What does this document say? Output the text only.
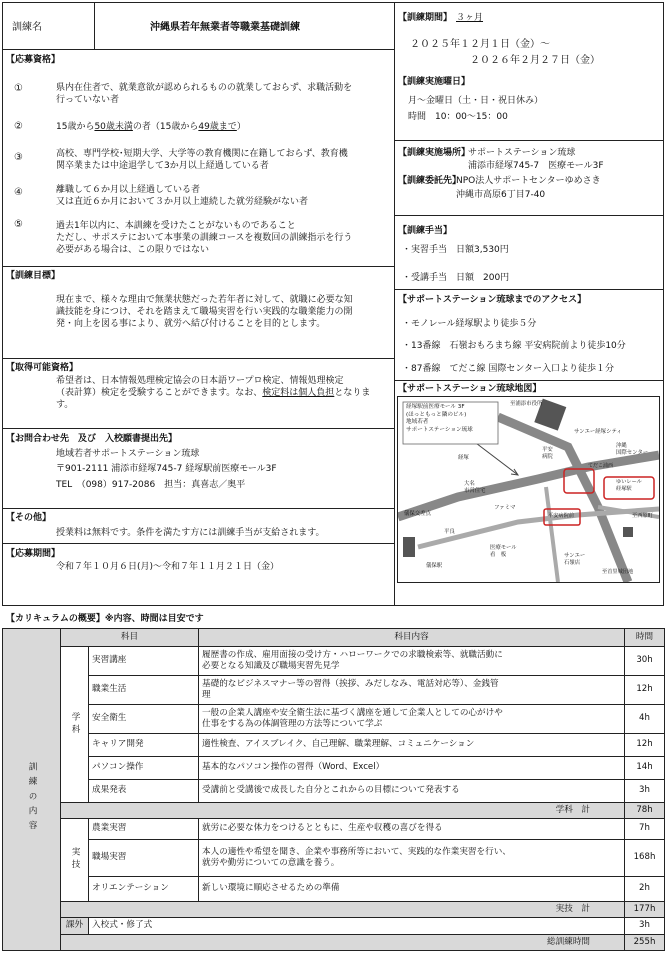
訓練名	沖縄県若年無業者等職業基礎訓練
【応募資格】
①	県内在住者で、就業意欲が認められるものの就業しておらず、求職活動を
行っていない者
②	15歳から50歳未満の者（15歳から49歳まで）
③	高校、専門学校･短期大学、大学等の教育機関に在籍しておらず、教育機
関卒業または中途退学して3か月以上経過している者
④	離職して６か月以上経過している者
又は直近６か月において３か月以上連続した就労経験がない者
⑤	過去1年以内に、本訓練を受けたことがないものであること
ただし、サポステにおいて本事業の訓練コースを複数回の訓練指示を行う
必要がある場合は、この限りではない
【訓練目標】
現在まで、様々な理由で無業状態だった若年者に対して、就職に必要な知
識技能を身につけ、それを踏まえて職場実習を行い実践的な職業能力の開
発・向上を図る事により、就労へ結び付けることを目的とします。
【取得可能資格】
希望者は、日本情報処理検定協会の日本語ワープロ検定、情報処理検定
（表計算）検定を受験することができます。なお、検定料は個人負担となりま
す。
【お問合わせ先　及び　入校願書提出先】
地域若者サポートステーション琉球
〒901-2111 浦添市経塚745-7 経塚駅前医療モール3F
TEL　（098）917-2086　担当：真喜志／奥平
【その他】
授業料は無料です。条件を満たす方には訓練手当が支給されます。
【応募期間】
令和７年１０月６日(月)～令和７年１１月２１日（金）
【訓練期間】 ３ヶ月
２０２５年１２月１日（金）～
２０２６年２月２７日（金）
【訓練実施曜日】
月～金曜日（土・日・祝日休み）
時間　10：00～15：00
【訓練実施場所】
サポートステーション琉球
浦添市経塚745-7　医療モール3F
【訓練委託先】
NPO法人サポートセンターゆめさき
沖縄市高原6丁目7-40
【訓練手当】
・実習手当　日額3,530円
・受講手当　日額　200円
【サポートステーション琉球までのアクセス】
・モノレール経塚駅より徒歩５分
・13番線　石嶺おもろまち線 平安病院前より徒歩10分
・87番線　てだこ線 国際センター入口より徒歩１分
【サポートステーション琉球地図】
経塚駅前医療モール 3F
(ほっともっと隣のビル)
地域若者
サポートステーション琉球
至浦添市役所
サンエー経塚シティ
平安
病院
経塚
沖縄
国際センター
てだこ浦西
ゆいレール
経塚駅
大名
市営住宅
ファミマ
平安病院前
儀保交差点
平良
儀保駅
医療モール
看　板	サンエー
石嶺店
至西原町
至首里城団地
【カリキュラムの概要】※内容、時間は目安です
	科目		科目内容	時間
訓練の内容	学科	実習講座	履歴書の作成、雇用面接の受け方・ハローワークでの求職検索等、就職活動に
必要となる知識及び職場実習先見学	30h
		職業生活	基礎的なビジネスマナー等の習得（挨拶、みだしなみ、電話対応等）、金銭管
理	12h
		安全衛生	一般の企業人講座や安全衛生法に基づく講座を通して企業人としての心がけや
仕事をする為の体調管理の方法等について学ぶ	4h
		キャリア開発	適性検査、アイスブレイク、自己理解、職業理解、コミュニケーション	12h
		パソコン操作	基本的なパソコン操作の習得（Word、Excel）	14h
		成果発表	受講前と受講後で成長した自分とこれからの目標について発表する	3h
	学科　計			78h
	実技	農業実習	就労に必要な体力をつけるとともに、生産や収穫の喜びを得る	7h
		職場実習	本人の適性や希望を聞き、企業や事務所等において、実践的な作業実習を行い、
就労や勤労についての意識を養う。	168h
		オリエンテーション	新しい環境に順応させるための準備	2h
	実技　計			177h
	課外	入校式・修了式		3h
	総訓練時間			255h
